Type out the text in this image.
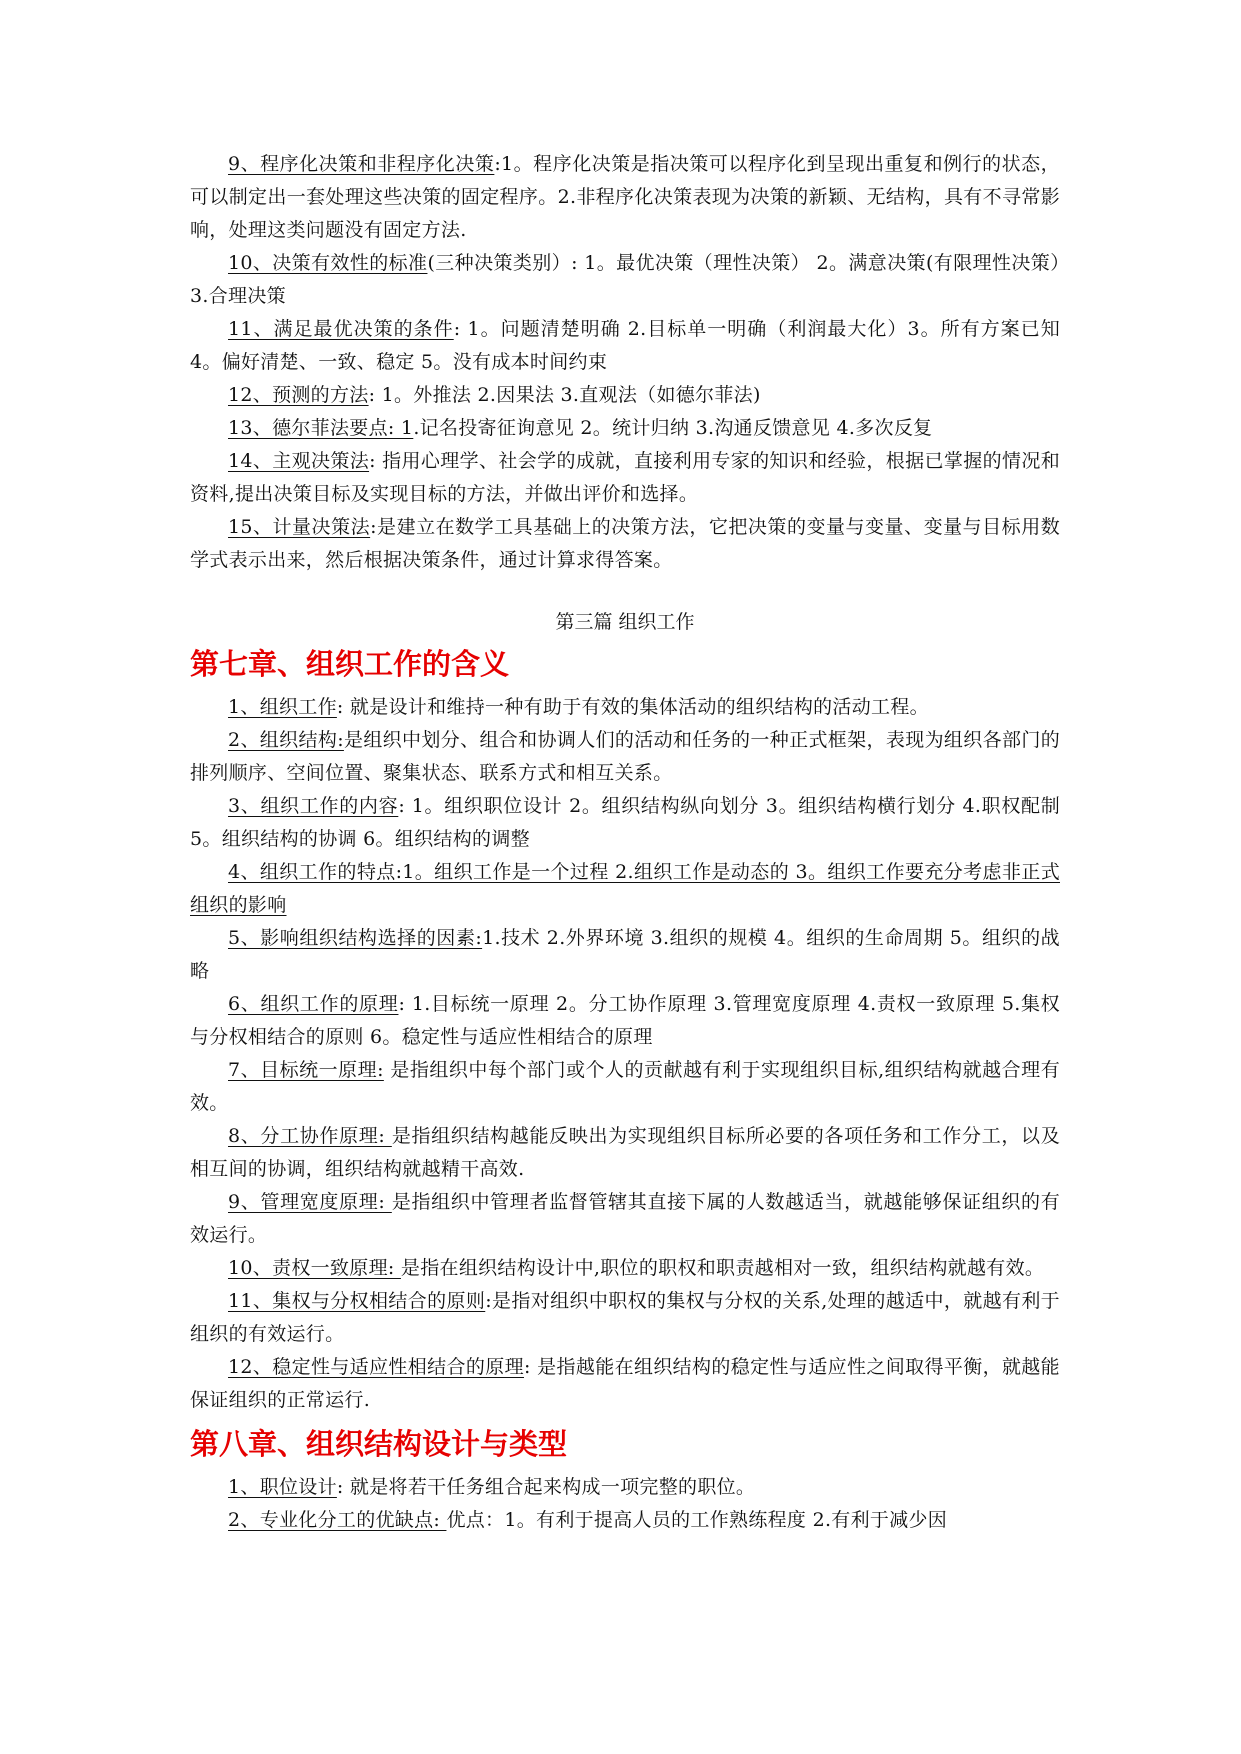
9、程序化决策和非程序化决策:1。程序化决策是指决策可以程序化到呈现出重复和例行的状态，可以制定出一套处理这些决策的固定程序。2.非程序化决策表现为决策的新颖、无结构，具有不寻常影响，处理这类问题没有固定方法.

10、决策有效性的标准(三种决策类别）: 1。最优决策（理性决策） 2。满意决策(有限理性决策）3.合理决策

11、满足最优决策的条件: 1。问题清楚明确 2.目标单一明确（利润最大化）3。所有方案已知 4。偏好清楚、一致、稳定 5。没有成本时间约束

12、预测的方法: 1。外推法 2.因果法 3.直观法（如德尔菲法)

13、德尔菲法要点: 1.记名投寄征询意见 2。统计归纳 3.沟通反馈意见 4.多次反复

14、主观决策法: 指用心理学、社会学的成就，直接利用专家的知识和经验，根据已掌握的情况和资料,提出决策目标及实现目标的方法，并做出评价和选择。

15、计量决策法:是建立在数学工具基础上的决策方法，它把决策的变量与变量、变量与目标用数学式表示出来，然后根据决策条件，通过计算求得答案。

第三篇 组织工作
第七章、组织工作的含义

1、组织工作: 就是设计和维持一种有助于有效的集体活动的组织结构的活动工程。

2、组织结构:是组织中划分、组合和协调人们的活动和任务的一种正式框架，表现为组织各部门的排列顺序、空间位置、聚集状态、联系方式和相互关系。

3、组织工作的内容: 1。组织职位设计 2。组织结构纵向划分 3。组织结构横行划分 4.职权配制 5。组织结构的协调 6。组织结构的调整

4、组织工作的特点:1。组织工作是一个过程 2.组织工作是动态的 3。组织工作要充分考虑非正式组织的影响

5、影响组织结构选择的因素:1.技术 2.外界环境 3.组织的规模 4。组织的生命周期 5。组织的战略

6、组织工作的原理: 1.目标统一原理 2。分工协作原理 3.管理宽度原理 4.责权一致原理 5.集权与分权相结合的原则 6。稳定性与适应性相结合的原理

7、目标统一原理: 是指组织中每个部门或个人的贡献越有利于实现组织目标,组织结构就越合理有效。

8、分工协作原理: 是指组织结构越能反映出为实现组织目标所必要的各项任务和工作分工，以及相互间的协调，组织结构就越精干高效.

9、管理宽度原理: 是指组织中管理者监督管辖其直接下属的人数越适当，就越能够保证组织的有效运行。

10、责权一致原理: 是指在组织结构设计中,职位的职权和职责越相对一致，组织结构就越有效。

11、集权与分权相结合的原则:是指对组织中职权的集权与分权的关系,处理的越适中，就越有利于组织的有效运行。

12、稳定性与适应性相结合的原理: 是指越能在组织结构的稳定性与适应性之间取得平衡，就越能保证组织的正常运行.

第八章、组织结构设计与类型

1、职位设计: 就是将若干任务组合起来构成一项完整的职位。

2、专业化分工的优缺点: 优点：1。有利于提高人员的工作熟练程度 2.有利于减少因
